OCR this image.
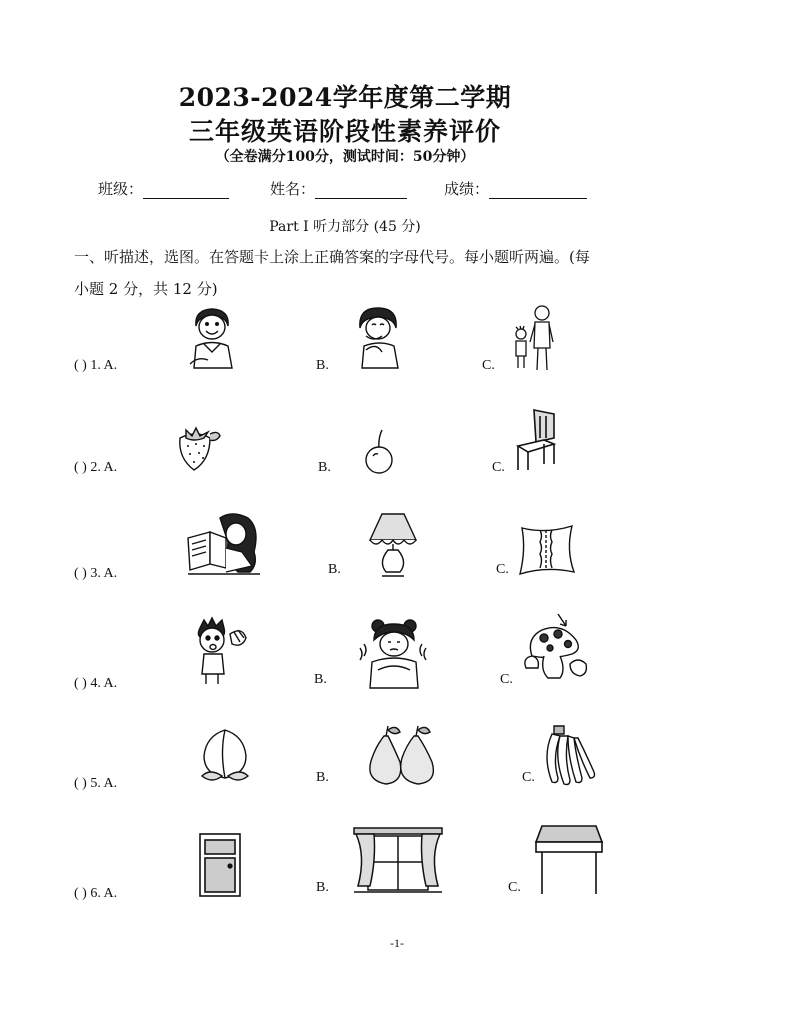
2023-2024学年度第二学期
三年级英语阶段性素养评价
（全卷满分100分，测试时间：50分钟）
班级：	姓名：	成绩：
Part Ⅰ 听力部分 (45 分)
一、听描述，选图。在答题卡上涂上正确答案的字母代号。每小题听两遍。(每
小题 2 分，共 12 分)
( ) 1. A.	B.	C.
( ) 2. A.	B.	C.
( ) 3. A.	B.	C.
( ) 4. A.	B.	C.
( ) 5. A.	B.	C.
( ) 6. A.	B.	C.
-1-
